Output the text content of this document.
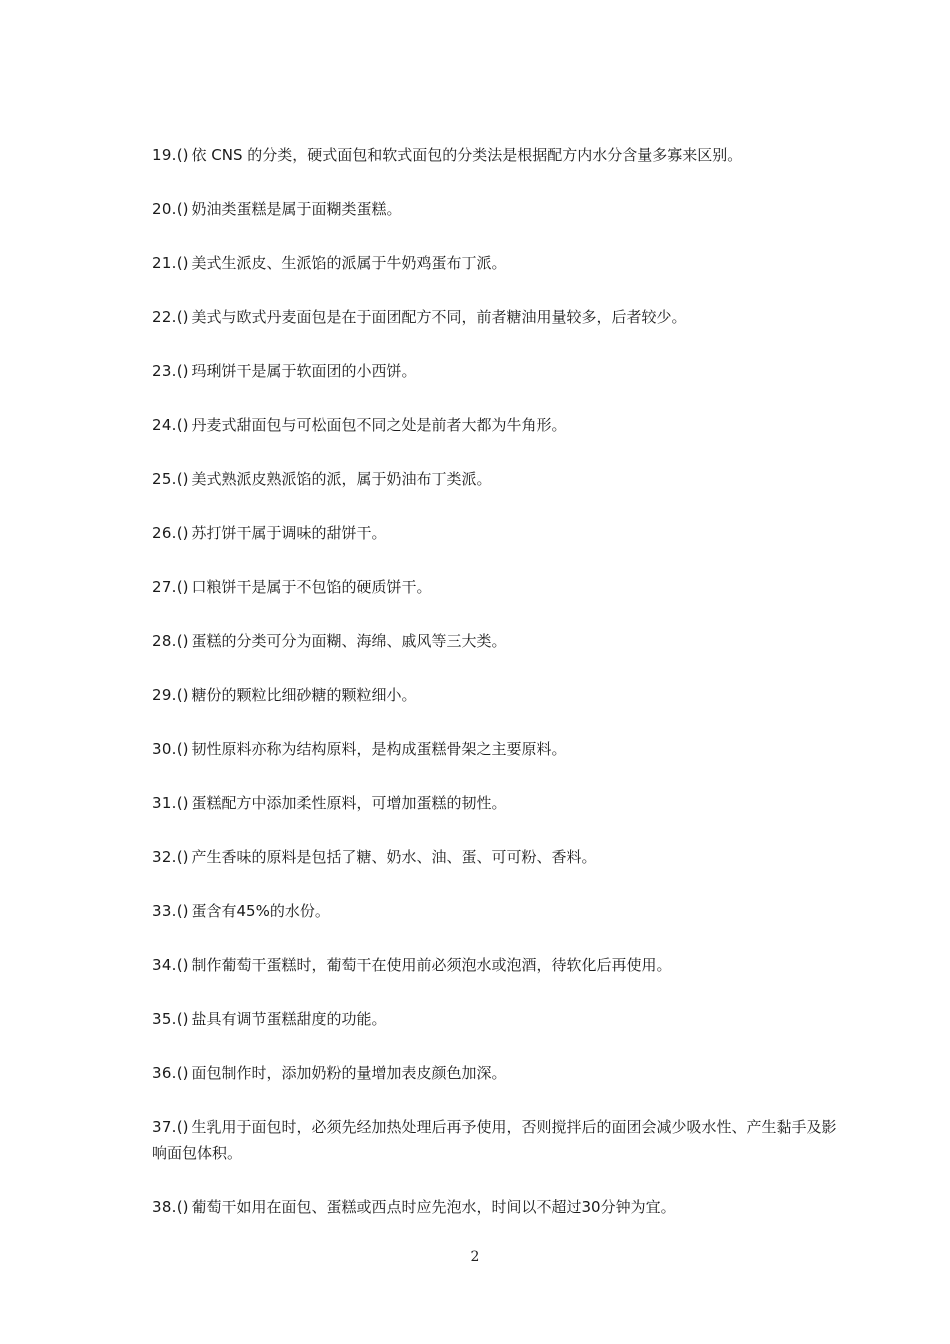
19.() 依 CNS 的分类，硬式面包和软式面包的分类法是根据配方内水分含量多寡来区别。

20.() 奶油类蛋糕是属于面糊类蛋糕。

21.() 美式生派皮、生派馅的派属于牛奶鸡蛋布丁派。

22.() 美式与欧式丹麦面包是在于面团配方不同，前者糖油用量较多，后者较少。

23.() 玛琍饼干是属于软面团的小西饼。

24.() 丹麦式甜面包与可松面包不同之处是前者大都为牛角形。

25.() 美式熟派皮熟派馅的派，属于奶油布丁类派。

26.() 苏打饼干属于调味的甜饼干。

27.() 口粮饼干是属于不包馅的硬质饼干。

28.() 蛋糕的分类可分为面糊、海绵、戚风等三大类。

29.() 糖份的颗粒比细砂糖的颗粒细小。

30.() 韧性原料亦称为结构原料，是构成蛋糕骨架之主要原料。

31.() 蛋糕配方中添加柔性原料，可增加蛋糕的韧性。

32.() 产生香味的原料是包括了糖、奶水、油、蛋、可可粉、香料。

33.() 蛋含有45%的水份。

34.() 制作葡萄干蛋糕时，葡萄干在使用前必须泡水或泡酒，待软化后再使用。

35.() 盐具有调节蛋糕甜度的功能。

36.() 面包制作时，添加奶粉的量增加表皮颜色加深。

37.() 生乳用于面包时，必须先经加热处理后再予使用，否则搅拌后的面团会减少吸水性、产生黏手及影响面包体积。

38.() 葡萄干如用在面包、蛋糕或西点时应先泡水，时间以不超过30分钟为宜。

2
